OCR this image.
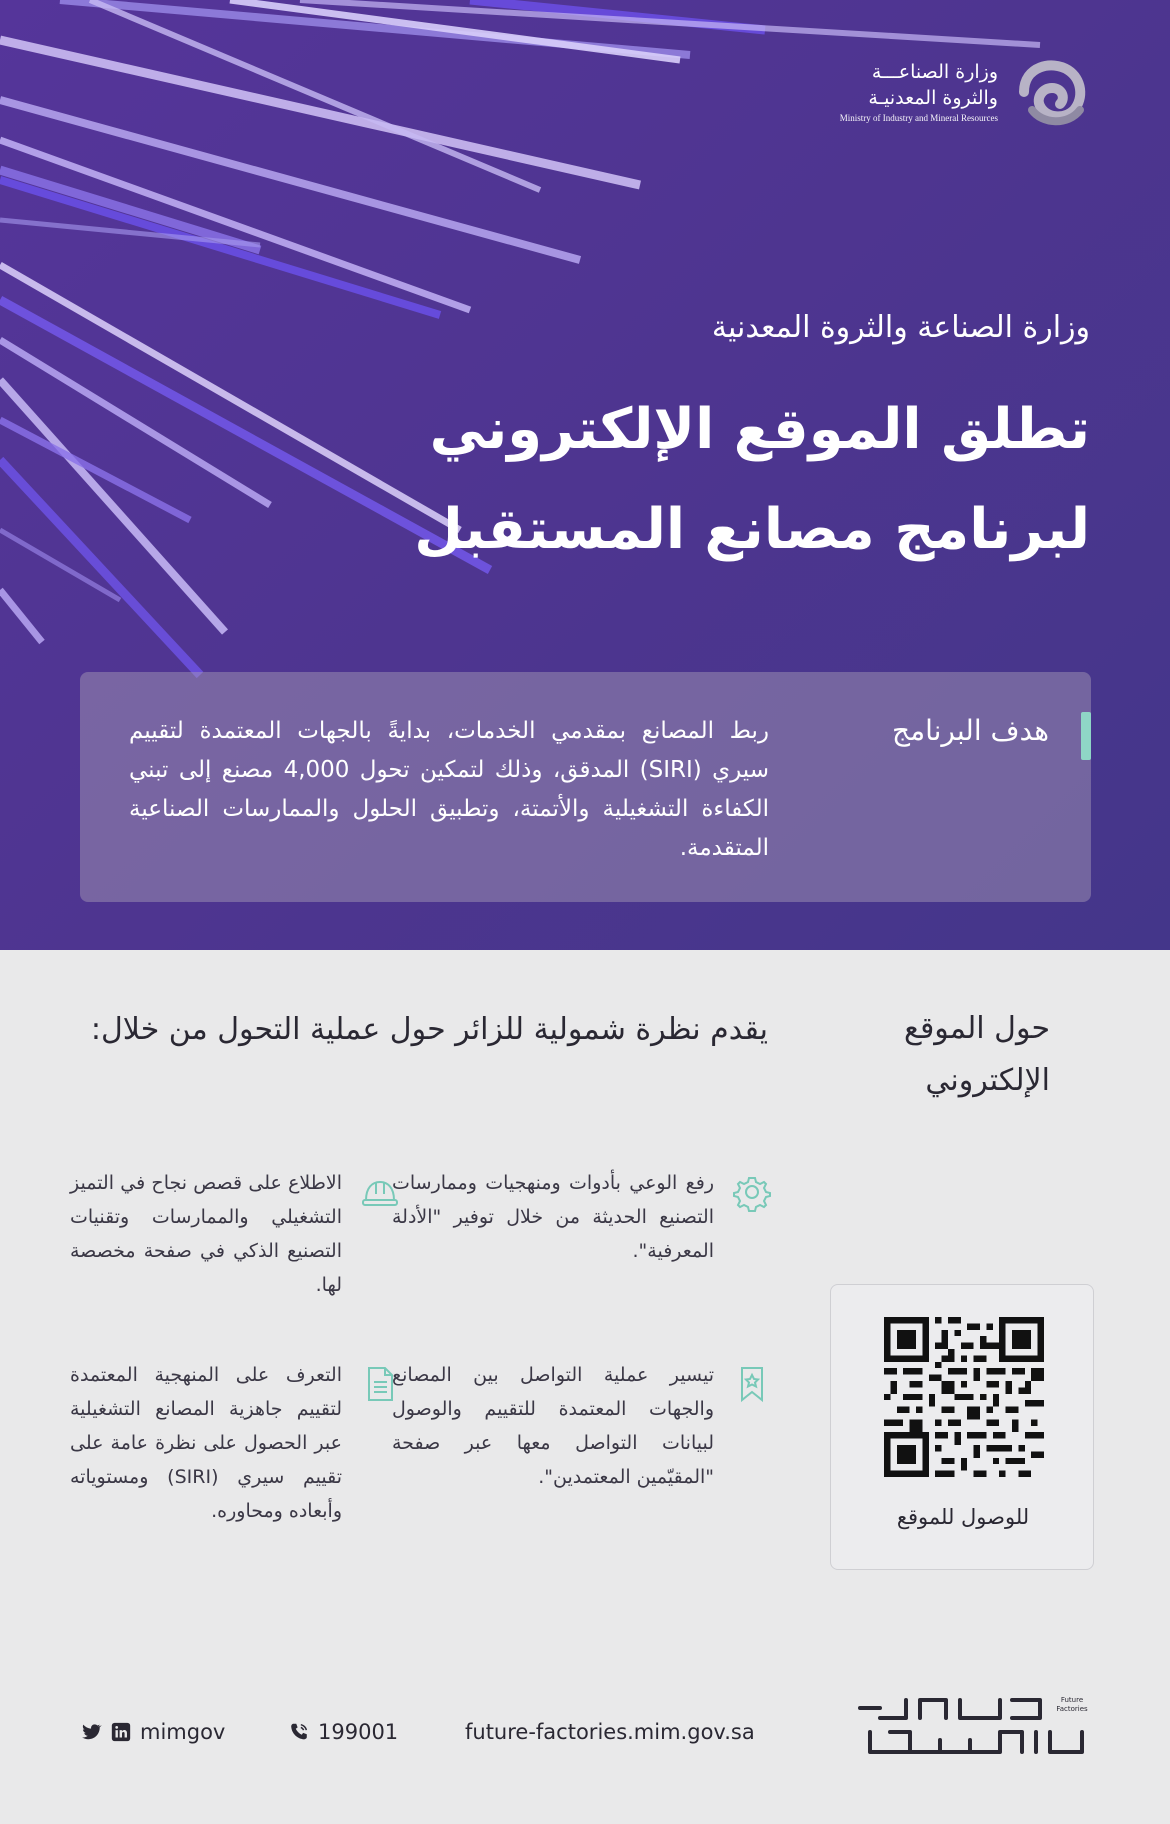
وزارة الصناعـــة
والثروة المعدنيـة
Ministry of Industry and Mineral Resources
وزارة الصناعة والثروة المعدنية
تطلق الموقع الإلكتروني
لبرنامج مصانع المستقبل
هدف البرنامج
ربط المصانع بمقدمي الخدمات، بدايةً بالجهات المعتمدة لتقييم سيري (SIRI) المدقق، وذلك لتمكين تحول 4,000 مصنع إلى تبني الكفاءة التشغيلية والأتمتة، وتطبيق الحلول والممارسات الصناعية المتقدمة.
حول الموقع
الإلكتروني
يقدم نظرة شمولية للزائر حول عملية التحول من خلال:
رفع الوعي بأدوات ومنهجيات وممارسات التصنيع الحديثة من خلال توفير "الأدلة المعرفية".
الاطلاع على قصص نجاح في التميز التشغيلي والممارسات وتقنيات التصنيع الذكي في صفحة مخصصة لها.
تيسير عملية التواصل بين المصانع والجهات المعتمدة للتقييم والوصول لبيانات التواصل معها عبر صفحة "المقيّمين المعتمدين".
التعرف على المنهجية المعتمدة لتقييم جاهزية المصانع التشغيلية عبر الحصول على نظرة عامة على تقييم سيري (SIRI) ومستوياته وأبعاده ومحاوره.	للوصول للموقع
future-factories.mim.gov.sa
199001
mimgov
Future
Factories
